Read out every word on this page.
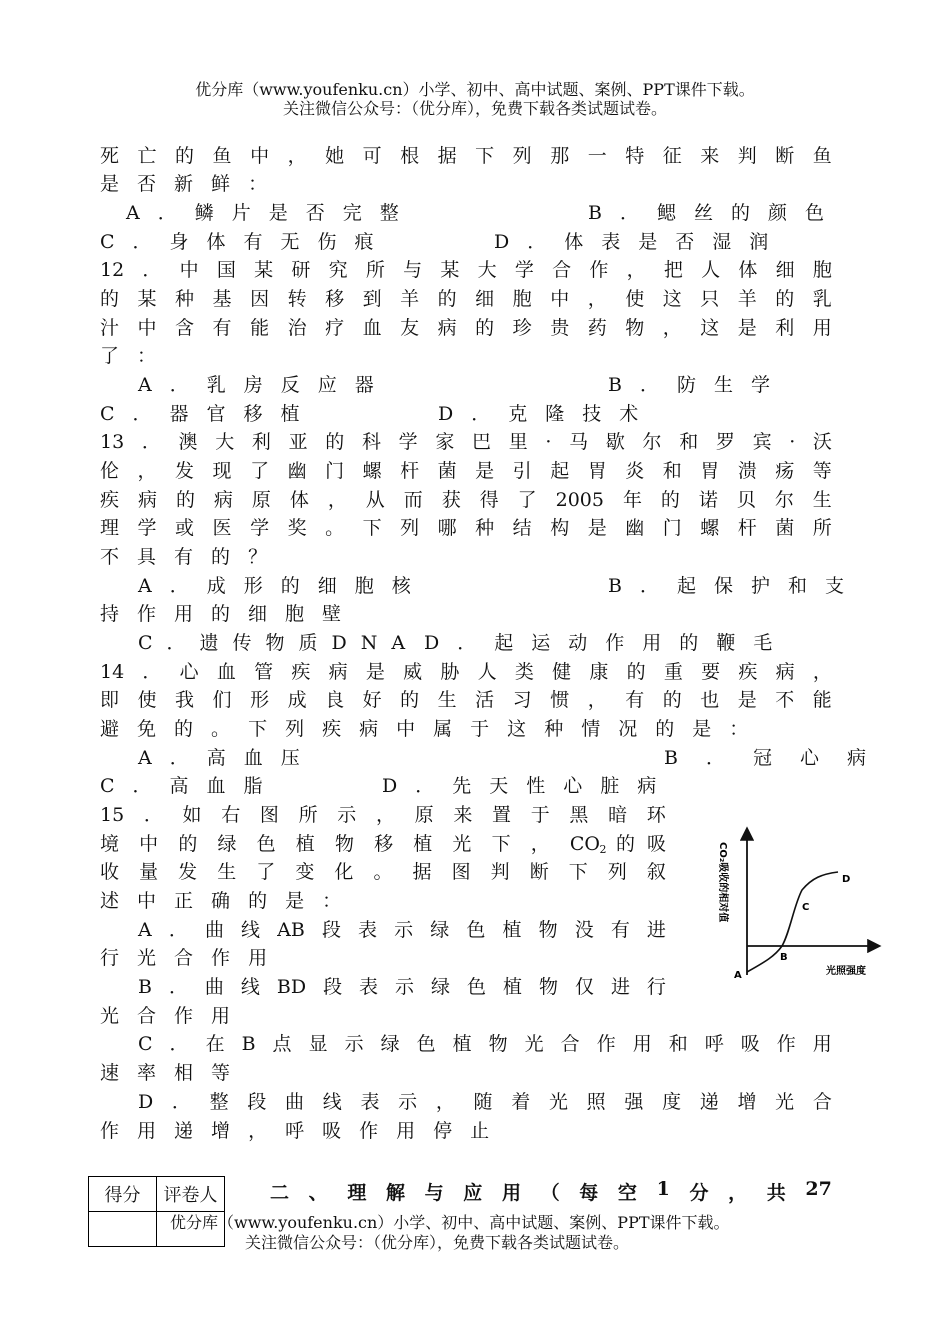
优分库（www.youfenku.cn）小学、初中、高中试题、案例、PPT课件下载。
关注微信公众号：（优分库），免费下载各类试题试卷。
死 亡 的 鱼 中 ， 她 可 根 据 下 列 那 一 特 征 来 判 断 鱼
是 否 新 鲜 ：
A．鳞片是否完整	B．鳃丝的颜色
C．身体有无伤痕	D．体表是否湿润
12 ． 中 国 某 研 究 所 与 某 大 学 合 作 ， 把 人 体 细 胞
的 某 种 基 因 转 移 到 羊 的 细 胞 中 ， 使 这 只 羊 的 乳
汁 中 含 有 能 治 疗 血 友 病 的 珍 贵 药 物 ， 这 是 利 用
了 ：
A．乳房反应器	B．防生学
C．器官移植	D．克隆技术
13 ． 澳 大 利 亚 的 科 学 家 巴 里 · 马 歇 尔 和 罗 宾 · 沃
伦 ， 发 现 了 幽 门 螺 杆 菌 是 引 起 胃 炎 和 胃 溃 疡 等
疾 病 的 病 原 体 ， 从 而 获 得 了 2005 年 的 诺 贝 尔 生
理 学 或 医 学 奖 。 下 列 哪 种 结 构 是 幽 门 螺 杆 菌 所
不 具 有 的 ？
A．成形的细胞核	B．起保护和支
持作用的细胞壁
C．遗传物质DNA D．起运动作用的鞭毛
14 ． 心 血 管 疾 病 是 威 胁 人 类 健 康 的 重 要 疾 病 ，
即 使 我 们 形 成 良 好 的 生 活 习 惯 ， 有 的 也 是 不 能
避 免 的 。 下 列 疾 病 中 属 于 这 种 情 况 的 是 ：
A．高血压	B．冠心病
C．高血脂	D．先天性心脏病
15 ． 如 右 图 所 示 ， 原 来 置 于 黑 暗 环
境 中 的 绿 色 植 物 移 植 光 下 ， CO 2 的 吸
收 量 发 生 了 变 化 。 据 图 判 断 下 列 叙
述 中 正 确 的 是 ：
A ． 曲 线 AB 段 表 示 绿 色 植 物 没 有 进
行 光 合 作 用
B ． 曲 线 BD 段 表 示 绿 色 植 物 仅 进 行
光 合 作 用
C ． 在 B 点 显 示 绿 色 植 物 光 合 作 用 和 呼 吸 作 用
速 率 相 等
D ． 整 段 曲 线 表 示 ， 随 着 光 照 强 度 递 增 光 合
作 用 递 增 ， 呼 吸 作 用 停 止
CO₂吸收的相对值
光照强度
A
B
C
D
得分	评卷人
		二 、 理 解 与 应 用 （ 每 空 1 分 ， 共 27
优分库（www.youfenku.cn）小学、初中、高中试题、案例、PPT课件下载。
关注微信公众号：（优分库），免费下载各类试题试卷。
